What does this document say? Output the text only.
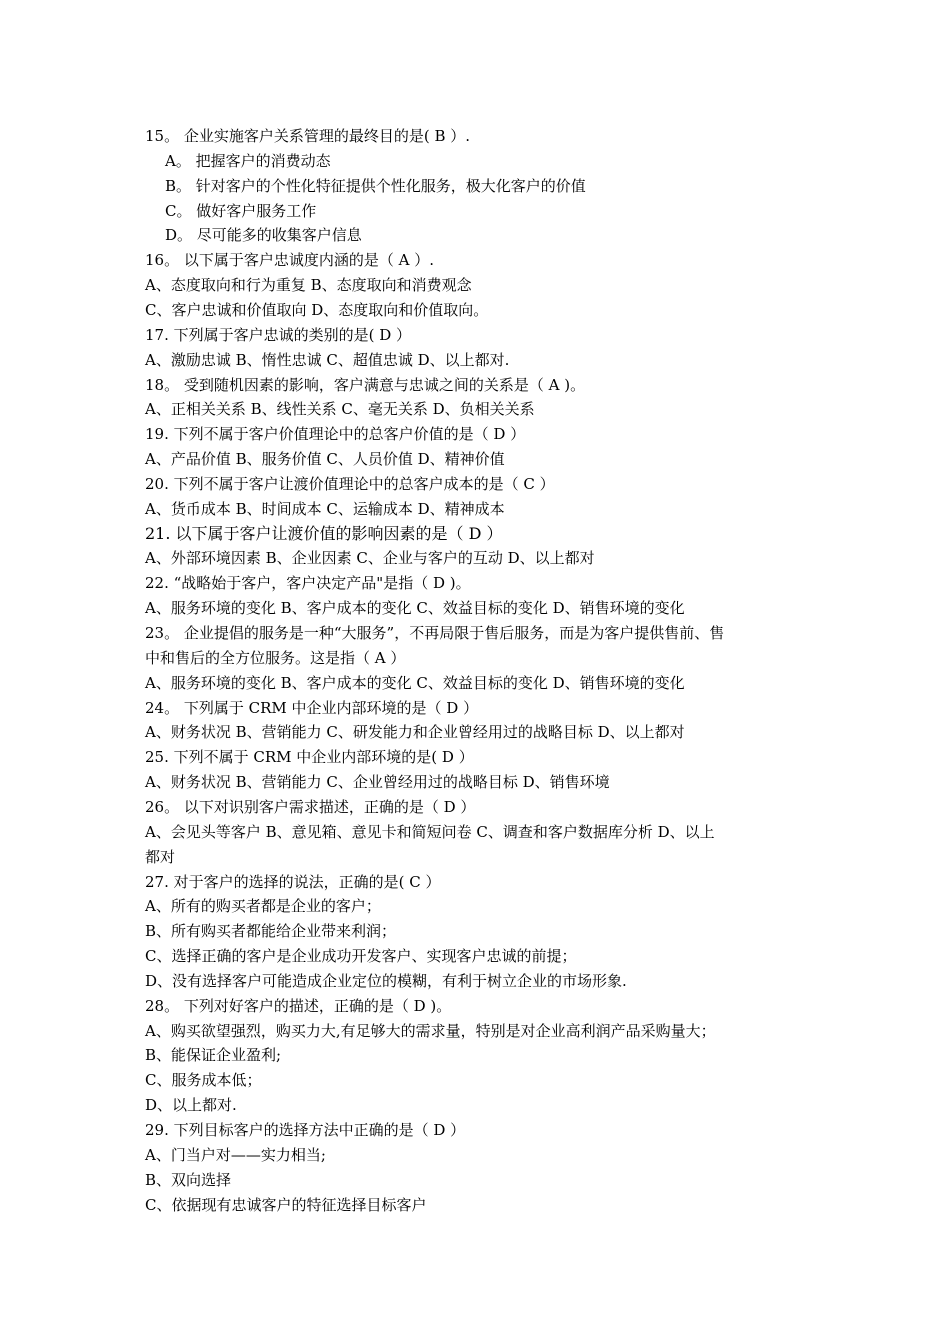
15。 企业实施客户关系管理的最终目的是( B ）.
A。 把握客户的消费动态
B。 针对客户的个性化特征提供个性化服务，极大化客户的价值
C。 做好客户服务工作
D。 尽可能多的收集客户信息
16。 以下属于客户忠诚度内涵的是（ A ）.
A、态度取向和行为重复 B、态度取向和消费观念
C、客户忠诚和价值取向 D、态度取向和价值取向。
17. 下列属于客户忠诚的类别的是( D ）
A、激励忠诚 B、惰性忠诚 C、超值忠诚 D、以上都对.
18。 受到随机因素的影响，客户满意与忠诚之间的关系是（ A )。
A、正相关关系 B、线性关系 C、毫无关系 D、负相关关系
19. 下列不属于客户价值理论中的总客户价值的是（ D ）
A、产品价值 B、服务价值 C、人员价值 D、精神价值
20. 下列不属于客户让渡价值理论中的总客户成本的是（ C ）
A、货币成本 B、时间成本 C、运输成本 D、精神成本
21. 以下属于客户让渡价值的影响因素的是（ D ）
A、外部环境因素 B、企业因素 C、企业与客户的互动 D、以上都对
22. “战略始于客户，客户决定产品"是指（ D )。
A、服务环境的变化 B、客户成本的变化 C、效益目标的变化 D、销售环境的变化
23。 企业提倡的服务是一种“大服务”，不再局限于售后服务，而是为客户提供售前、售
中和售后的全方位服务。这是指（ A ）
A、服务环境的变化 B、客户成本的变化 C、效益目标的变化 D、销售环境的变化
24。 下列属于 CRM 中企业内部环境的是（ D ）
A、财务状况 B、营销能力 C、研发能力和企业曾经用过的战略目标 D、以上都对
25. 下列不属于 CRM 中企业内部环境的是( D ）
A、财务状况 B、营销能力 C、企业曾经用过的战略目标 D、销售环境
26。 以下对识别客户需求描述，正确的是（ D ）
A、会见头等客户 B、意见箱、意见卡和简短问卷 C、调查和客户数据库分析 D、以上
都对
27. 对于客户的选择的说法，正确的是( C ）
A、所有的购买者都是企业的客户；
B、所有购买者都能给企业带来利润；
C、选择正确的客户是企业成功开发客户、实现客户忠诚的前提；
D、没有选择客户可能造成企业定位的模糊，有利于树立企业的市场形象.
28。 下列对好客户的描述，正确的是（ D )。
A、购买欲望强烈，购买力大,有足够大的需求量，特别是对企业高利润产品采购量大；
B、能保证企业盈利;
C、服务成本低；
D、以上都对.
29. 下列目标客户的选择方法中正确的是（ D ）
A、门当户对——实力相当;
B、双向选择
C、依据现有忠诚客户的特征选择目标客户
